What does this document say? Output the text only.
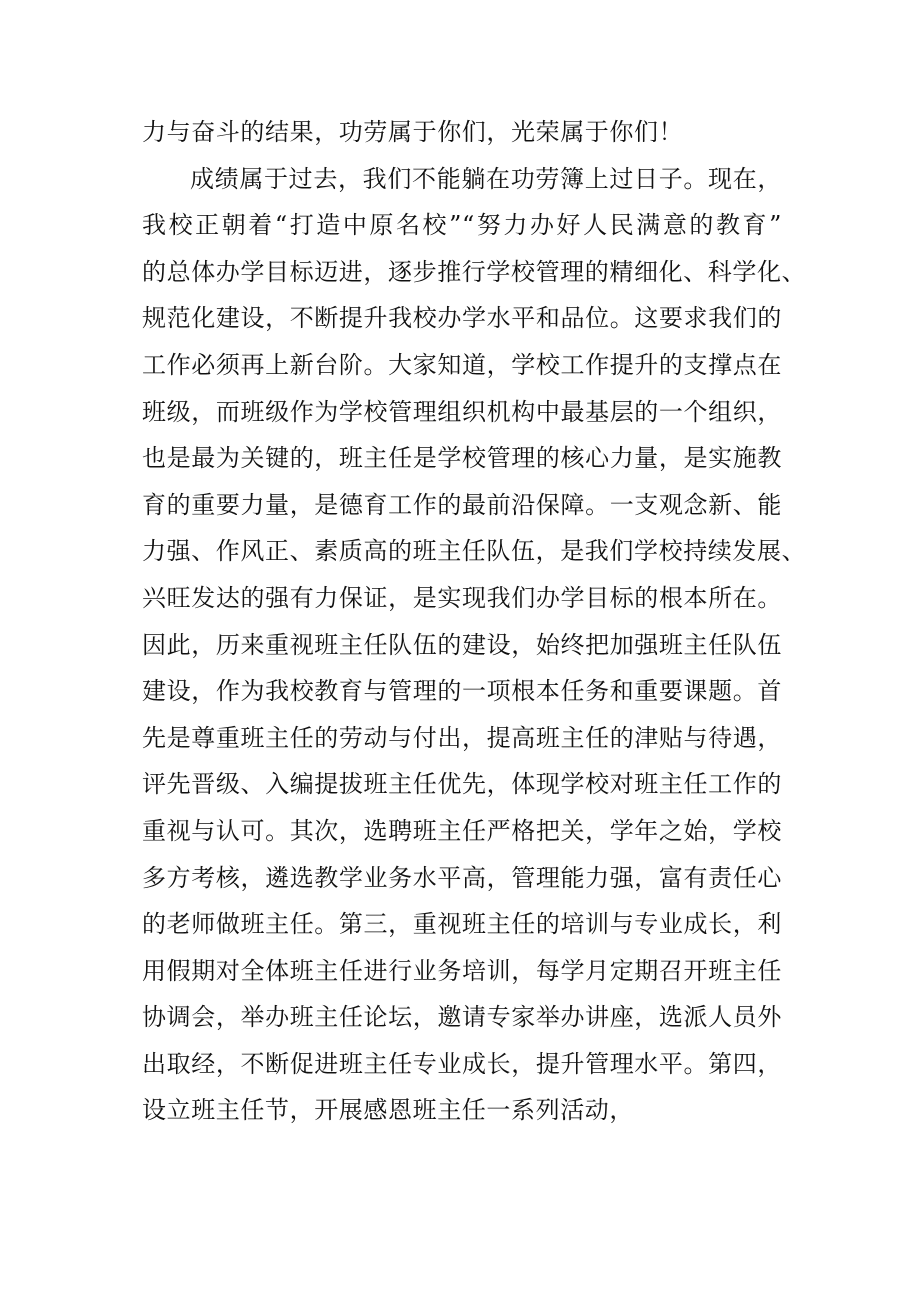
力与奋斗的结果，功劳属于你们，光荣属于你们！
成绩属于过去，我们不能躺在功劳簿上过日子。现在，
我校正朝着“打造中原名校”“努力办好人民满意的教育”
的总体办学目标迈进，逐步推行学校管理的精细化、科学化、
规范化建设，不断提升我校办学水平和品位。这要求我们的
工作必须再上新台阶。大家知道，学校工作提升的支撑点在
班级，而班级作为学校管理组织机构中最基层的一个组织，
也是最为关键的，班主任是学校管理的核心力量，是实施教
育的重要力量，是德育工作的最前沿保障。一支观念新、能
力强、作风正、素质高的班主任队伍，是我们学校持续发展、
兴旺发达的强有力保证，是实现我们办学目标的根本所在。
因此，历来重视班主任队伍的建设，始终把加强班主任队伍
建设，作为我校教育与管理的一项根本任务和重要课题。首
先是尊重班主任的劳动与付出，提高班主任的津贴与待遇，
评先晋级、入编提拔班主任优先，体现学校对班主任工作的
重视与认可。其次，选聘班主任严格把关，学年之始，学校
多方考核，遴选教学业务水平高，管理能力强，富有责任心
的老师做班主任。第三，重视班主任的培训与专业成长，利
用假期对全体班主任进行业务培训，每学月定期召开班主任
协调会，举办班主任论坛，邀请专家举办讲座，选派人员外
出取经，不断促进班主任专业成长，提升管理水平。第四，
设立班主任节，开展感恩班主任一系列活动，
